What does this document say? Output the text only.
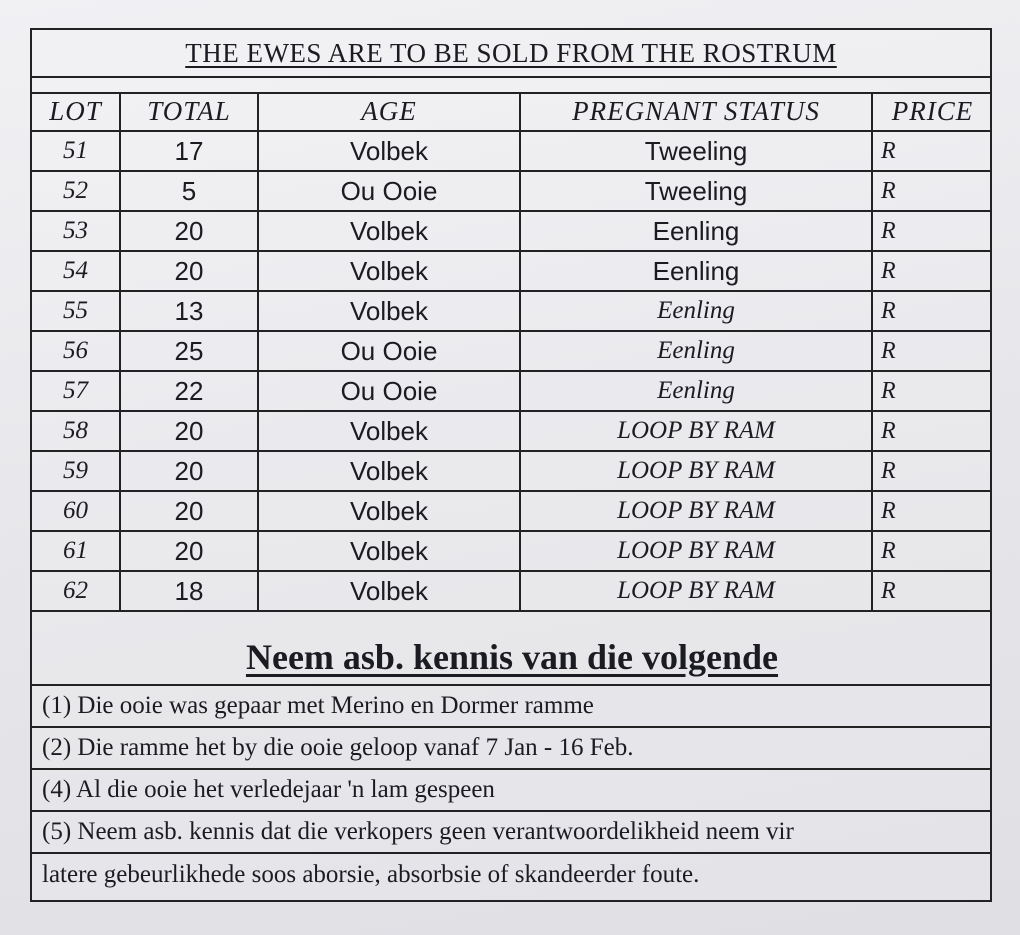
THE EWES ARE TO BE SOLD FROM THE ROSTRUM
LOT	TOTAL	AGE	PREGNANT STATUS	PRICE
51	17	Volbek	Tweeling	R
52	5	Ou Ooie	Tweeling	R
53	20	Volbek	Eenling	R
54	20	Volbek	Eenling	R
55	13	Volbek	Eenling	R
56	25	Ou Ooie	Eenling	R
57	22	Ou Ooie	Eenling	R
58	20	Volbek	LOOP BY RAM	R
59	20	Volbek	LOOP BY RAM	R
60	20	Volbek	LOOP BY RAM	R
61	20	Volbek	LOOP BY RAM	R
62	18	Volbek	LOOP BY RAM	R
Neem asb. kennis van die volgende
(1) Die ooie was gepaar met Merino en Dormer ramme
(2) Die ramme het by die ooie geloop vanaf 7 Jan - 16 Feb.
(4) Al die ooie het verledejaar 'n lam gespeen
(5) Neem asb. kennis dat die verkopers geen verantwoordelikheid neem vir
latere gebeurlikhede soos aborsie, absorbsie of skandeerder foute.
